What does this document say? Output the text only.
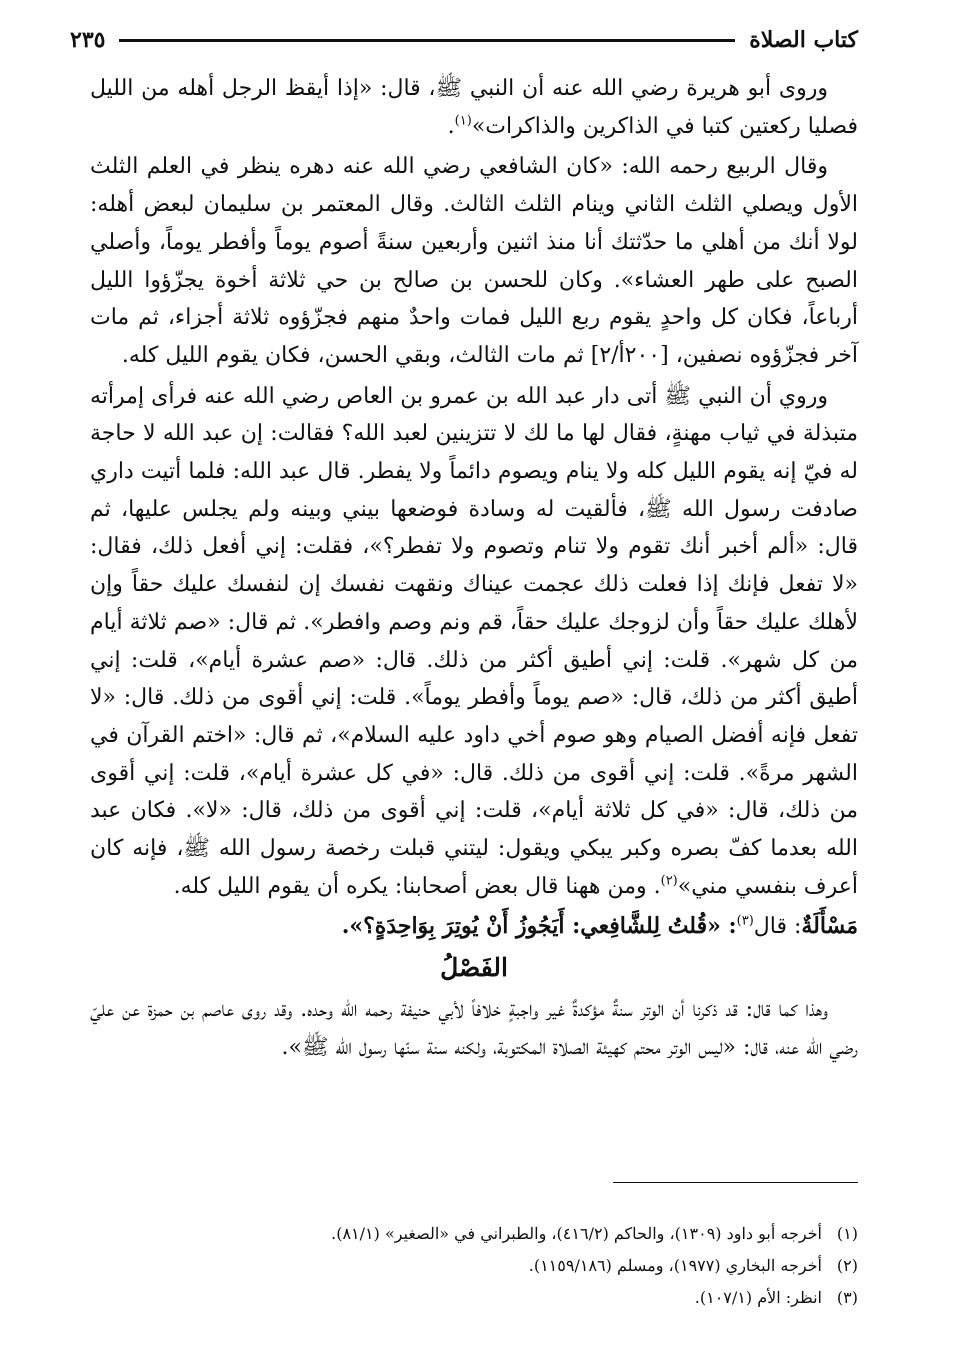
كتاب الصلاة
٢٣٥

وروى أبو هريرة رضي الله عنه أن النبي ﷺ، قال: «إذا أيقظ الرجل أهله من الليل فصليا ركعتين كتبا في الذاكرين والذاكرات»$^{(١)}$.

وقال الربيع رحمه الله: «كان الشافعي رضي الله عنه دهره ينظر في العلم الثلث الأول ويصلي الثلث الثاني وينام الثلث الثالث. وقال المعتمر بن سليمان لبعض أهله: لولا أنك من أهلي ما حدّثتك أنا منذ اثنين وأربعين سنةً أصوم يوماً وأفطر يوماً، وأصلي الصبح على طهر العشاء». وكان للحسن بن صالح بن حي ثلاثة أخوة يجزّؤوا الليل أرباعاً، فكان كل واحدٍ يقوم ربع الليل فمات واحدٌ منهم فجزّؤوه ثلاثة أجزاء، ثم مات آخر فجزّؤوه نصفين، [٢٠٠أ/٢] ثم مات الثالث، وبقي الحسن، فكان يقوم الليل كله.

وروي أن النبي ﷺ أتى دار عبد الله بن عمرو بن العاص رضي الله عنه فرأى إمرأته متبذلة في ثياب مهنةٍ، فقال لها ما لك لا تتزينين لعبد الله؟ فقالت: إن عبد الله لا حاجة له فيّ إنه يقوم الليل كله ولا ينام ويصوم دائماً ولا يفطر. قال عبد الله: فلما أتيت داري صادفت رسول الله ﷺ، فألقيت له وسادة فوضعها بيني وبينه ولم يجلس عليها، ثم قال: «ألم أخبر أنك تقوم ولا تنام وتصوم ولا تفطر؟»، فقلت: إني أفعل ذلك، فقال: «لا تفعل فإنك إذا فعلت ذلك عجمت عيناك ونقهت نفسك إن لنفسك عليك حقاً وإن لأهلك عليك حقاً وأن لزوجك عليك حقاً، قم ونم وصم وافطر». ثم قال: «صم ثلاثة أيام من كل شهر». قلت: إني أطيق أكثر من ذلك. قال: «صم عشرة أيام»، قلت: إني أطيق أكثر من ذلك، قال: «صم يوماً وأفطر يوماً». قلت: إني أقوى من ذلك. قال: «لا تفعل فإنه أفضل الصيام وهو صوم أخي داود عليه السلام»، ثم قال: «اختم القرآن في الشهر مرةً». قلت: إني أقوى من ذلك. قال: «في كل عشرة أيام»، قلت: إني أقوى من ذلك، قال: «في كل ثلاثة أيام»، قلت: إني أقوى من ذلك، قال: «لا». فكان عبد الله بعدما كفّ بصره وكبر يبكي ويقول: ليتني قبلت رخصة رسول الله ﷺ، فإنه كان أعرف بنفسي مني»$^{(٢)}$. ومن ههنا قال بعض أصحابنا: يكره أن يقوم الليل كله.

مَسْأَلَةٌ: قال$^{(٣)}$: «قُلتُ لِلشَّافِعي: أَيَجُوزُ أَنْ يُوتِرَ بِوَاحِدَةٍ؟».

الفَصْلُ

وهذا كما قال: قد ذكرنا أن الوتر سنةٌ مؤكدةٌ غير واجبةٍ خلافاً لأبي حنيفة رحمه الله وحده. وقد روى عاصم بن حمزة عن عليّ رضي الله عنه، قال: «ليس الوتر محتم كهيئة الصلاة المكتوبة، ولكنه سنة سنّها رسول الله ﷺ».

(١)
أخرجه أبو داود (١٣٠٩)، والحاكم (٤١٦/٢)، والطبراني في «الصغير» (٨١/١).
(٢)
أخرجه البخاري (١٩٧٧)، ومسلم (١١٥٩/١٨٦).
(٣)
انظر: الأم (١٠٧/١).
